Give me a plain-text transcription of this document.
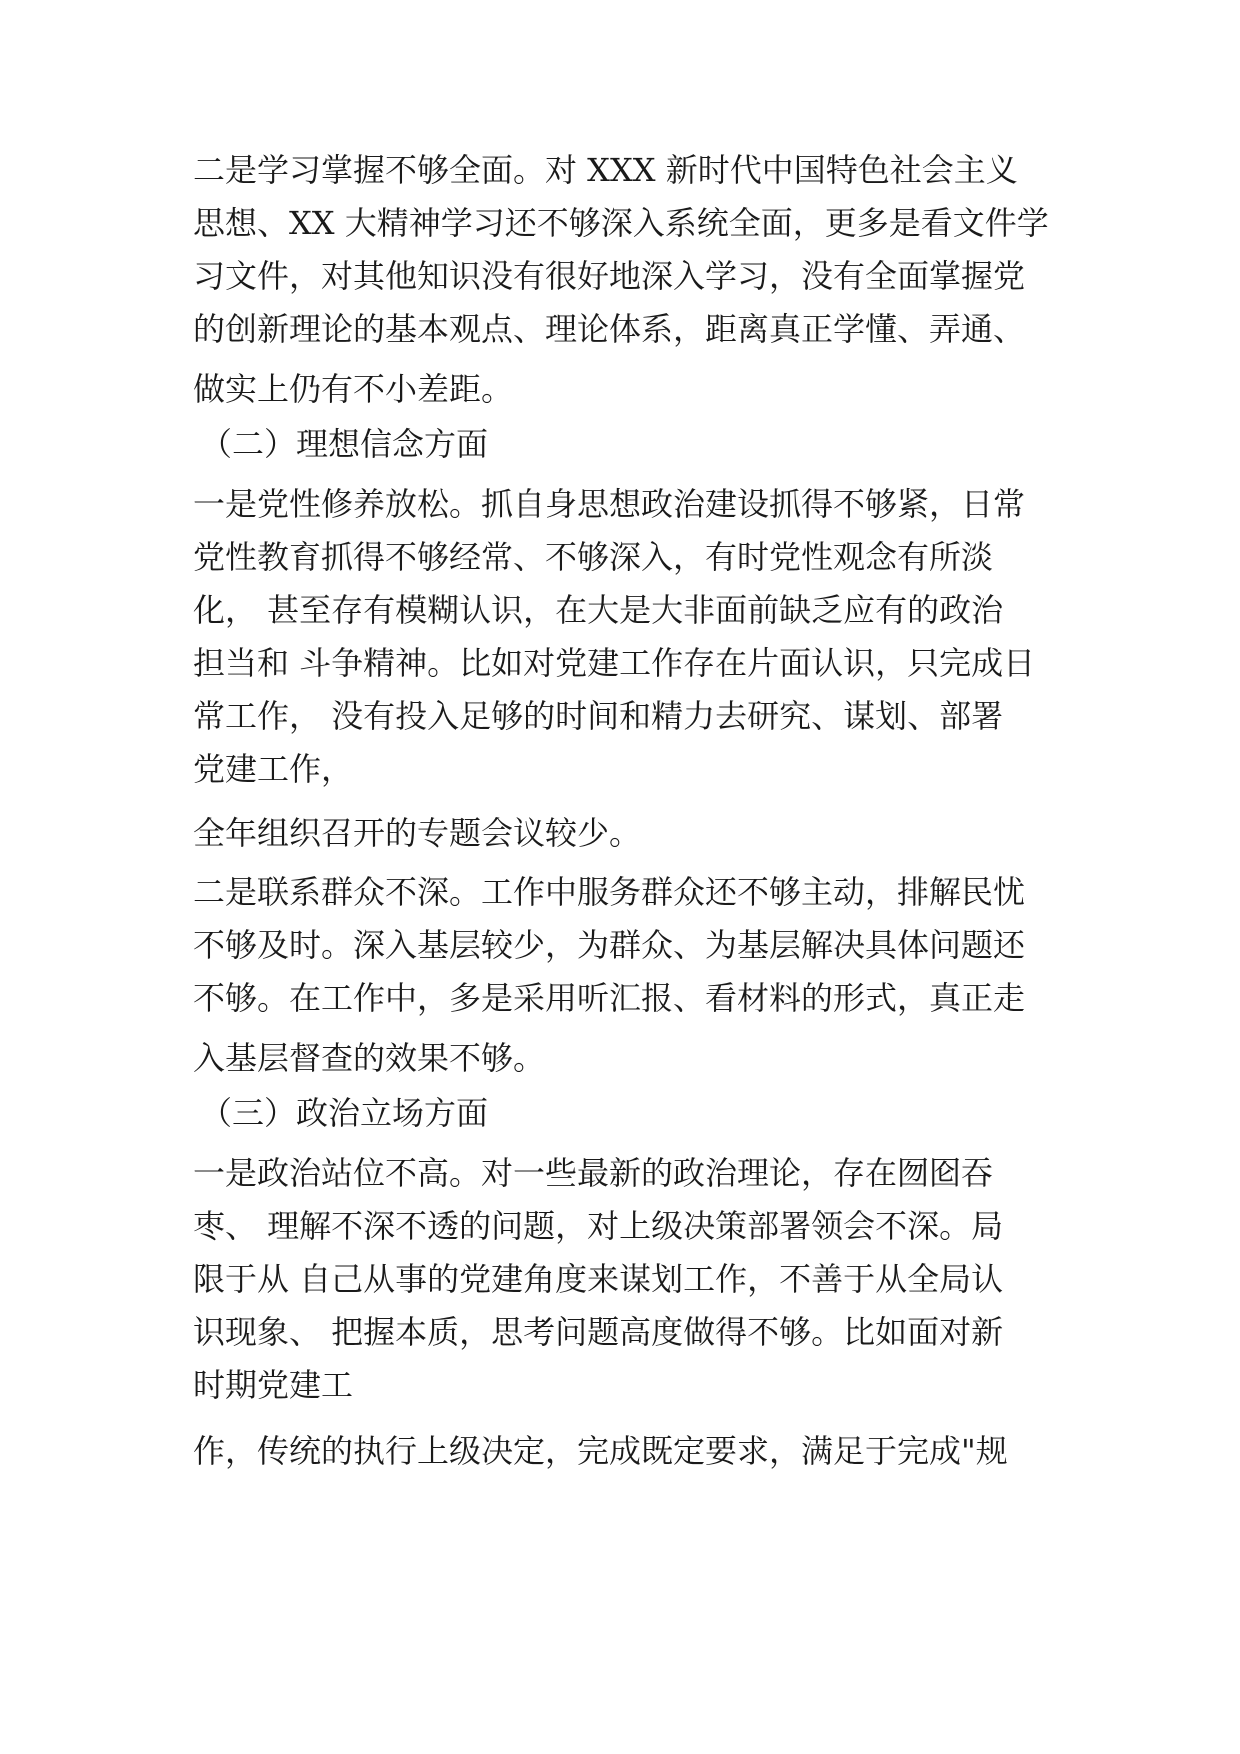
二是学习掌握不够全面。对 XXX 新时代中国特色社会主义
思想、XX 大精神学习还不够深入系统全面，更多是看文件学
习文件，对其他知识没有很好地深入学习，没有全面掌握党
的创新理论的基本观点、理论体系，距离真正学懂、弄通、
做实上仍有不小差距。
（二）理想信念方面
一是党性修养放松。抓自身思想政治建设抓得不够紧，日常
党性教育抓得不够经常、不够深入，有时党性观念有所淡
化， 甚至存有模糊认识，在大是大非面前缺乏应有的政治
担当和 斗争精神。比如对党建工作存在片面认识，只完成日
常工作， 没有投入足够的时间和精力去研究、谋划、部署
党建工作，
全年组织召开的专题会议较少。
二是联系群众不深。工作中服务群众还不够主动，排解民忧
不够及时。深入基层较少，为群众、为基层解决具体问题还
不够。在工作中，多是采用听汇报、看材料的形式，真正走
入基层督查的效果不够。
（三）政治立场方面
一是政治站位不高。对一些最新的政治理论，存在囫囵吞
枣、 理解不深不透的问题，对上级决策部署领会不深。局
限于从 自己从事的党建角度来谋划工作，不善于从全局认
识现象、 把握本质，思考问题高度做得不够。比如面对新
时期党建工
作，传统的执行上级决定，完成既定要求，满足于完成"规
